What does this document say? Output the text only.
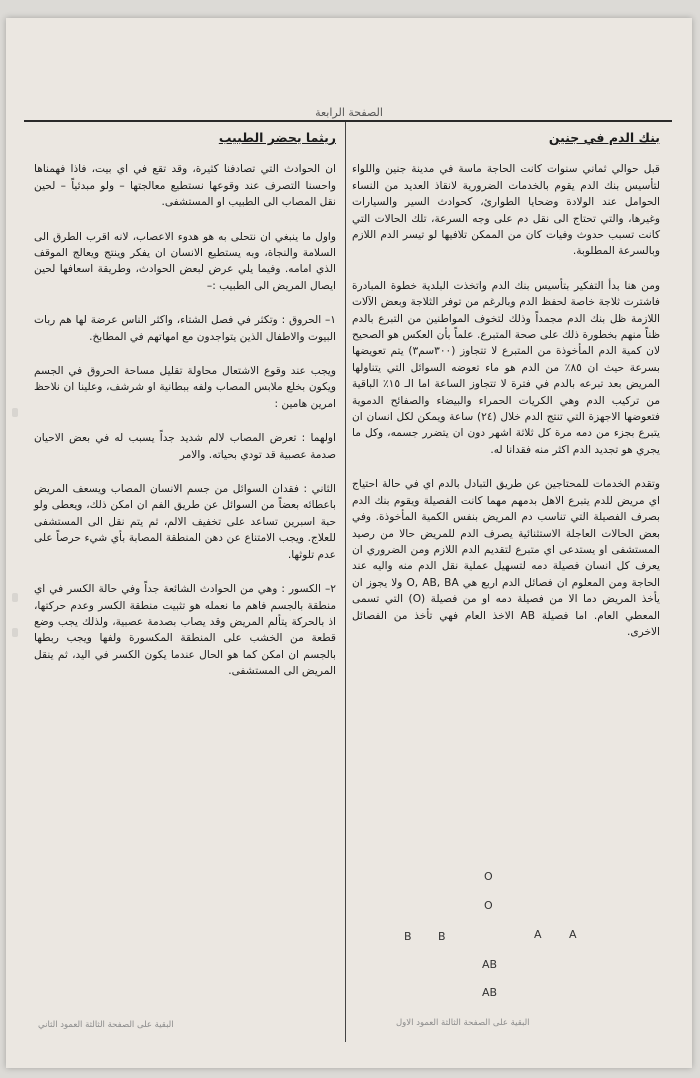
الصفحة الرابعة
بنك الدم في جنين
قبل حوالي ثماني سنوات كانت الحاجة ماسة في مدينة جنين واللواء لتأسيس بنك الدم يقوم بالخدمات الضرورية لانقاذ العديد من النساء الحوامل عند الولادة وضحايا الطوارئ، كحوادث السير والسيارات وغيرها، والتي تحتاج الى نقل دم على وجه السرعة، تلك الحالات التي كانت تسبب حدوث وفيات كان من الممكن تلافيها لو تيسر الدم اللازم وبالسرعة المطلوبة.
ومن هنا بدأ التفكير بتأسيس بنك الدم واتخذت البلدية خطوة المبادرة فاشترت ثلاجة خاصة لحفظ الدم وبالرغم من توفر الثلاجة وبعض الآلات اللازمة ظل بنك الدم مجمداً وذلك لتخوف المواطنين من التبرع بالدم ظناً منهم بخطورة ذلك على صحة المتبرع. علماً بأن العكس هو الصحيح لان كمية الدم المأخوذة من المتبرع لا تتجاوز (٣٠٠سم٣) يتم تعويضها بسرعة حيث ان ٨٥٪ من الدم هو ماء تعوضه السوائل التي يتناولها المريض بعد تبرعه بالدم في فترة لا تتجاوز الساعة اما الـ ١٥٪ الباقية من تركيب الدم وهي الكريات الحمراء والبيضاء والصفائح الدموية فتعوضها الاجهزة التي تنتج الدم خلال (٢٤) ساعة ويمكن لكل انسان ان يتبرع بجزء من دمه مرة كل ثلاثة اشهر دون ان يتضرر جسمه، وكل ما يجري هو تجديد الدم اكثر منه فقدانا له.
وتقدم الخدمات للمحتاجين عن طريق التبادل بالدم اي في حالة احتياج اي مريض للدم يتبرع الاهل بدمهم مهما كانت الفصيلة ويقوم بنك الدم بصرف الفصيلة التي تناسب دم المريض بنفس الكمية المأخوذة. وفي بعض الحالات العاجلة الاستثنائية يصرف الدم للمريض حالا من رصيد المستشفى او يستدعى اي متبرع لتقديم الدم اللازم ومن الضروري ان يعرف كل انسان فصيلة دمه لتسهيل عملية نقل الدم منه واليه عند الحاجة ومن المعلوم ان فصائل الدم اربع هي O, AB, BA ولا يجوز ان يأخذ المريض دما الا من فصيلة دمه او من فصيلة (O) التي تسمى المعطي العام. اما فصيلة AB الاخذ العام فهي تأخذ من الفصائل الاخرى.
O
O
B B	A A
AB
AB
البقية على الصفحة الثالثة العمود الاول
ريثما يحضر الطبيب
ان الحوادث التي تصادفنا كثيرة، وقد تقع في اي بيت، فاذا فهمناها واحسنا التصرف عند وقوعها نستطيع معالجتها – ولو مبدئياً – لحين نقل المصاب الى الطبيب او المستشفى.
واول ما ينبغي ان نتحلى به هو هدوء الاعصاب، لانه اقرب الطرق الى السلامة والنجاة، وبه يستطيع الانسان ان يفكر وينتج ويعالج الموقف الذي امامه. وفيما يلي عرض لبعض الحوادث، وطريقة اسعافها لحين ايصال المريض الى الطبيب :–
١– الحروق : وتكثر في فصل الشتاء، واكثر الناس عرضة لها هم ربات البيوت والاطفال الذين يتواجدون مع امهاتهم في المطابخ.
ويجب عند وقوع الاشتعال محاولة تقليل مساحة الحروق في الجسم ويكون بخلع ملابس المصاب ولفه ببطانية او شرشف، وعلينا ان نلاحظ امرين هامين :
اولهما : تعرض المصاب لالم شديد جداً يسبب له في بعض الاحيان صدمة عصبية قد تودي بحياته. والامر
الثاني : فقدان السوائل من جسم الانسان المصاب ويسعف المريض باعطائه بعضاً من السوائل عن طريق الفم ان امكن ذلك، ويعطى ولو حبة اسبرين تساعد على تخفيف الالم، ثم يتم نقل الى المستشفى للعلاج. ويجب الامتناع عن دهن المنطقة المصابة بأي شيء حرصاً على عدم تلوثها.
٢– الكسور : وهي من الحوادث الشائعة جداً وفي حالة الكسر في اي منطقة بالجسم فاهم ما نعمله هو تثبيت منطقة الكسر وعدم حركتها، اذ بالحركة يتألم المريض وقد يصاب بصدمة عصبية، ولذلك يجب وضع قطعة من الخشب على المنطقة المكسورة ولفها ويجب ربطها بالجسم ان امكن كما هو الحال عندما يكون الكسر في اليد، ثم ينقل المريض الى المستشفى.
البقية على الصفحة الثالثة العمود الثاني
